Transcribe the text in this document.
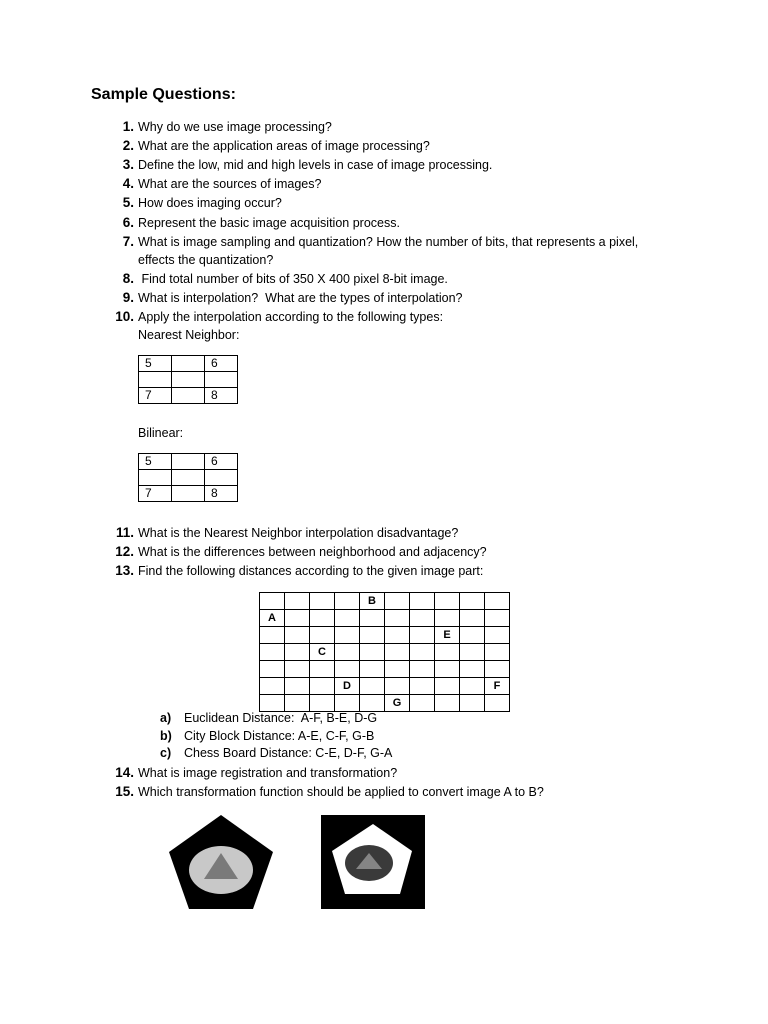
Sample Questions:
1. Why do we use image processing?
2. What are the application areas of image processing?
3. Define the low, mid and high levels in case of image processing.
4. What are the sources of images?
5. How does imaging occur?
6. Represent the basic image acquisition process.
7. What is image sampling and quantization? How the number of bits, that represents a pixel,
effects the quantization?
8. Find total number of bits of 350 X 400 pixel 8-bit image.
9. What is interpolation?  What are the types of interpolation?
10. Apply the interpolation according to the following types:
Nearest Neighbor:
5		6

7		8
Bilinear:
5		6

7		8
11. What is the Nearest Neighbor interpolation disadvantage?
12. What is the differences between neighborhood and adjacency?
13. Find the following distances according to the given image part:
				B					
A									
							E		
		C							

			D						F
					G				
a) Euclidean Distance:  A-F, B-E, D-G
b) City Block Distance: A-E, C-F, G-B
c) Chess Board Distance: C-E, D-F, G-A
14. What is image registration and transformation?
15. Which transformation function should be applied to convert image A to B?
